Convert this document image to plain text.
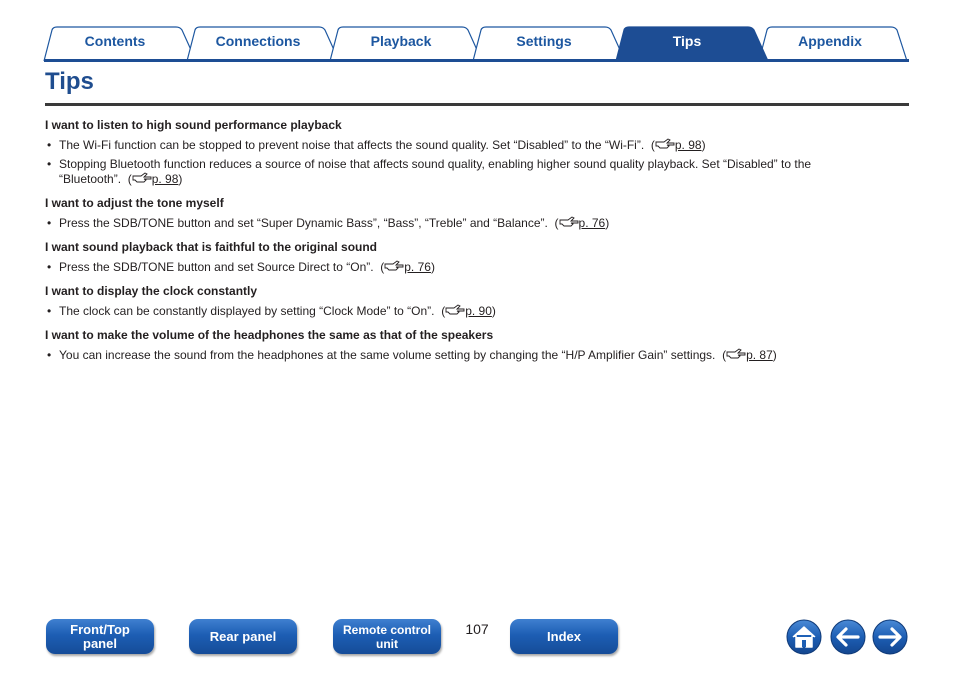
Contents	Connections	Playback	Settings	Tips	Appendix
Tips

I want to listen to high sound performance playback

• The Wi-Fi function can be stopped to prevent noise that affects the sound quality. Set “Disabled” to the “Wi-Fi”. ( p. 98)
• Stopping Bluetooth function reduces a source of noise that affects sound quality, enabling higher sound quality playback. Set “Disabled” to the “Bluetooth”. ( p. 98)

I want to adjust the tone myself

• Press the SDB/TONE button and set “Super Dynamic Bass”, “Bass”, “Treble” and “Balance”. ( p. 76)

I want sound playback that is faithful to the original sound

• Press the SDB/TONE button and set Source Direct to “On”. ( p. 76)

I want to display the clock constantly

• The clock can be constantly displayed by setting “Clock Mode” to “On”. ( p. 90)

I want to make the volume of the headphones the same as that of the speakers

• You can increase the sound from the headphones at the same volume setting by changing the “H/P Amplifier Gain” settings. ( p. 87)
Front/Top
panel	Rear panel	Remote control
unit
107	Index
